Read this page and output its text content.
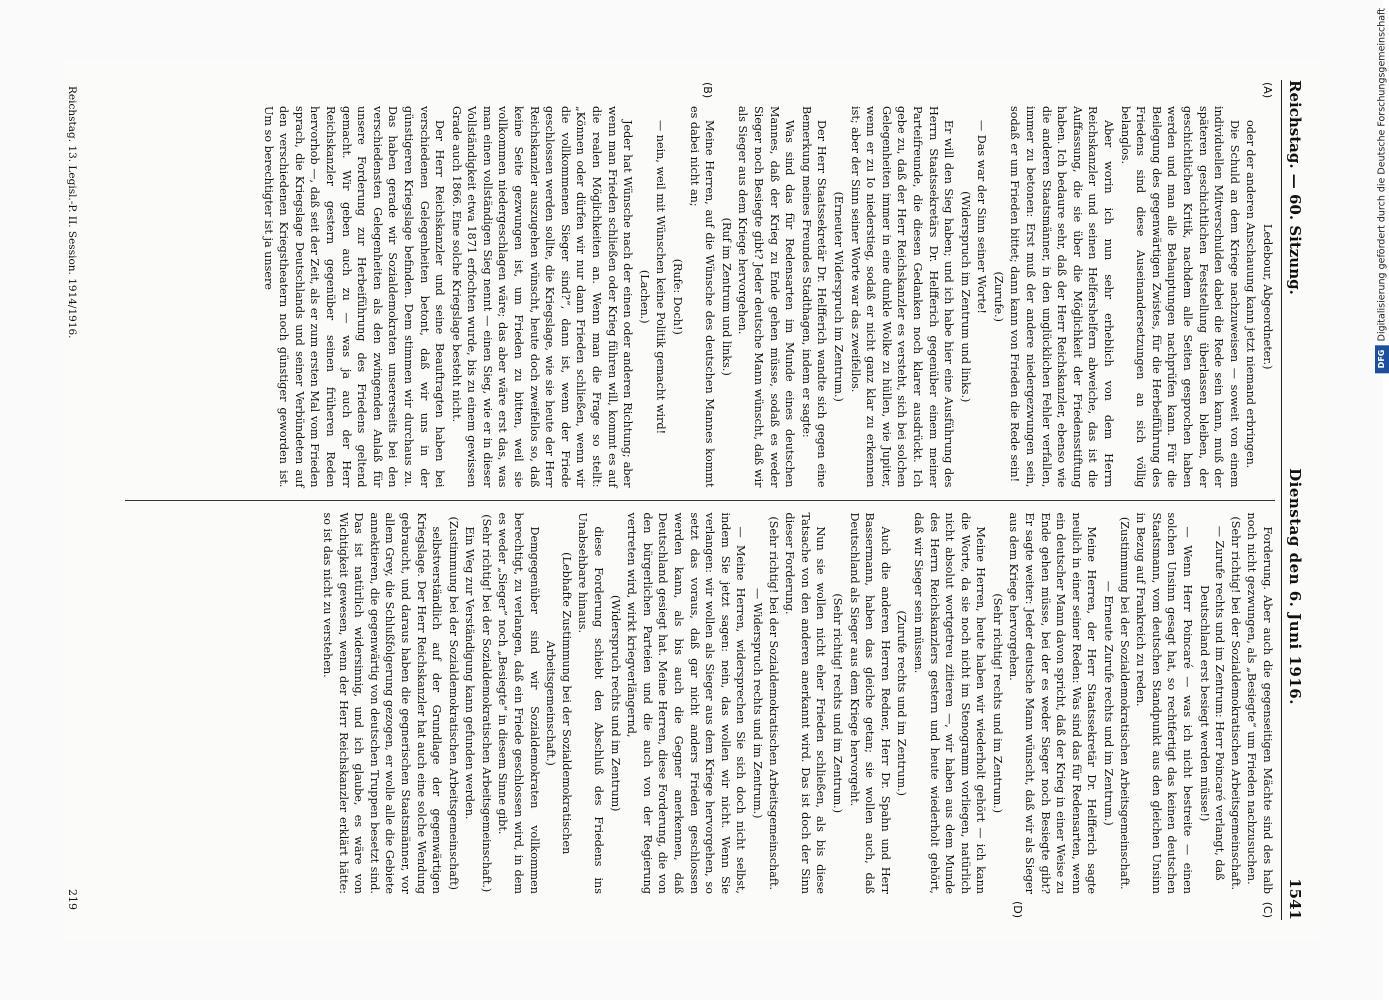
Reichstag. — 60. Sitzung.
Dienstag den 6. Juni 1916.
1541
(A)
(B)

Ledebour, Abgeordneter.)

oder der anderen Anschauung kann jetzt niemand erbringen.

Die Schuld an dem Kriege nachzuweisen — soweit von einem individuellen Mitverschulden dabei die Rede sein kann, muß der späteren geschichtlichen Feststellung überlassen bleiben, der geschichtlichen Kritik, nachdem alle Seiten gesprochen haben werden und man alle Behauptungen nachprüfen kann. Für die Beilegung des gegenwärtigen Zwistes, für die Herbeiführung des Friedens sind diese Auseinandersetzungen an sich völlig belanglos.

Aber worin ich nun sehr erheblich von dem Herrn Reichskanzler und seinen Helfershelfern abweiche, das ist die Auffassung, die sie über die Möglichkeit der Friedensstiftung haben. Ich bedaure sehr, daß der Herr Reichskanzler, ebenso wie die anderen Staatsmänner, in den unglücklichen Fehler verfallen, immer zu betonen: Erst muß der andere niedergezwungen sein, sodaß er um Frieden bittet; dann kann von Frieden die Rede sein!

(Zurufe.)

— Das war der Sinn seiner Worte!

(Widerspruch im Zentrum und links.)

Er will den Sieg haben; und ich habe hier eine Ausführung des Herrn Staatssekretärs Dr. Helfferich gegenüber einem meiner Parteifreunde, die diesen Gedanken noch klarer ausdrückt. Ich gebe zu, daß der Herr Reichskanzler es versteht, sich bei solchen Gelegenheiten immer in eine dunkle Wolke zu hüllen, wie Jupiter, wenn er zu Io niederstieg, sodaß er nicht ganz klar zu erkennen ist; aber der Sinn seiner Worte war das zweifellos.

(Erneuter Widerspruch im Zentrum.)

Der Herr Staatssekretär Dr. Helfferich wandte sich gegen eine Bemerkung meines Freundes Stadthagen, indem er sagte:

Was sind das für Redensarten im Munde eines deutschen Mannes, daß der Krieg zu Ende gehen müsse, sodaß es weder Sieger noch Besiegte gibt? Jeder deutsche Mann wünscht, daß wir als Sieger aus dem Kriege hervorgehen.

(Ruf im Zentrum und links.)

Meine Herren, auf die Wünsche des deutschen Mannes kommt es dabei nicht an;

(Rufe: Doch!)

— nein, weil mit Wünschen keine Politik gemacht wird!

(Lachen.)

Jeder hat Wünsche nach der einen oder anderen Richtung; aber wenn man Frieden schließen oder Krieg führen will, kommt es auf die realen Möglichkeiten an. Wenn man die Frage so stellt: „Können oder dürfen wir nur dann Frieden schließen, wenn wir die vollkommenen Sieger sind?“, dann ist, wenn der Friede geschlossen werden sollte, die Kriegslage, wie sie heute der Herr Reichskanzler auszugehen wünscht, heute doch zweifellos so, daß keine Seite gezwungen ist, um Frieden zu bitten, weil sie vollkommen niedergeschlagen wäre; das aber wäre erst das, was man einen vollständigen Sieg nennt — einen Sieg, wie er in dieser Vollständigkeit etwa 1871 erfochten wurde, bis zu einem gewissen Grade auch 1866. Eine solche Kriegslage besteht nicht.

Der Herr Reichskanzler und seine Beauftragten haben bei verschiedenen Gelegenheiten betont, daß wir uns in der günstigeren Kriegslage befinden. Dem stimmen wir durchaus zu. Das haben gerade wir Sozialdemokraten unsererseits bei den verschiedensten Gelegenheiten als den zwingenden Anlaß für unsere Forderung zur Herbeiführung des Friedens geltend gemacht. Wir geben auch zu — was ja auch der Herr Reichskanzler gestern gegenüber seinen früheren Reden hervorhob —, daß seit der Zeit, als er zum ersten Mal vom Frieden sprach, die Kriegslage Deutschlands und seiner Verbündeten auf den verschiedenen Kriegstheatern noch günstiger geworden ist. Um so berechtigter ist ja unsere

(C)
(D)

Forderung. Aber auch die gegenseitigen Mächte sind des halb noch nicht gezwungen, als „Besiegte“ um Frieden nachzusuchen.

(Sehr richtig! bei der Sozialdemokratischen Arbeitsgemeinschaft. — Zurufe rechts und im Zentrum: Herr Poincaré verlangt, daß Deutschland erst besiegt werden müsse!)

— Wenn Herr Poincaré — was ich nicht bestreite — einen solchen Unsinn gesagt hat, so rechtfertigt das keinen deutschen Staatsmann, vom deutschen Standpunkt aus den gleichen Unsinn in Bezug auf Frankreich zu reden.

(Zustimmung bei der Sozialdemokratischen Arbeitsgemeinschaft. — Erneute Zurufe rechts und im Zentrum.)

Meine Herren, der Herr Staatssekretär Dr. Helfferich sagte neulich in einer seiner Reden: Was sind das für Redensarten, wenn ein deutscher Mann davon spricht, daß der Krieg in einer Weise zu Ende gehen müsse, bei der es weder Sieger noch Besiegte gibt? Er sagte weiter: Jeder deutsche Mann wünscht, daß wir als Sieger aus dem Kriege hervorgehen.

(Sehr richtig! rechts und im Zentrum.)

Meine Herren, heute haben wir wiederholt gehört — ich kann die Worte, da sie noch nicht im Stenogramm vorliegen, natürlich nicht absolut wortgetreu zitieren —, wir haben aus dem Munde des Herrn Reichskanzlers gestern und heute wiederholt gehört, daß wir Sieger sein müssen.

(Zurufe rechts und im Zentrum.)

Auch die anderen Herren Redner, Herr Dr. Spahn und Herr Bassermann, haben das gleiche getan; sie wollen auch, daß Deutschland als Sieger aus dem Kriege hervorgeht.

(Sehr richtig! rechts und im Zentrum.)

Nun sie wollen nicht eher Frieden schließen, als bis diese Tatsache von den anderen anerkannt wird. Das ist doch der Sinn dieser Forderung.

(Sehr richtig! bei der Sozialdemokratischen Arbeitsgemeinschaft. — Widerspruch rechts und im Zentrum.)

— Meine Herren, widersprechen Sie sich doch nicht selbst, indem Sie jetzt sagen: nein, das wollen wir nicht. Wenn Sie verlangen: wir wollen als Sieger aus dem Kriege hervorgehen, so setzt das voraus, daß gar nicht anders Frieden geschlossen werden kann, als bis auch die Gegner anerkennen, daß Deutschland gesiegt hat. Meine Herren, diese Forderung, die von den bürgerlichen Parteien und die auch von der Regierung vertreten wird, wirkt kriegverlängernd,

(Widerspruch rechts und im Zentrum)

diese Forderung schiebt den Abschluß des Friedens ins Unabsehbare hinaus.

(Lebhafte Zustimmung bei der Sozialdemokratischen Arbeitsgemeinschaft.)

Demgegenüber sind wir Sozialdemokraten vollkommen berechtigt, zu verlangen, daß ein Friede geschlossen wird, in dem es weder „Sieger“ noch „Besiegte“ in diesem Sinne gibt.

(Sehr richtig! bei der Sozialdemokratischen Arbeitsgemeinschaft.)

Ein Weg zur Verständigung kann gefunden werden.

(Zustimmung bei der Sozialdemokratischen Arbeitsgemeinschaft)

selbstverständlich auf der Grundlage der gegenwärtigen Kriegslage. Der Herr Reichskanzler hat auch eine solche Wendung gebraucht, und daraus haben die gegnerischen Staatsmänner, vor allem Grey, die Schlußfolgerung gezogen, er wolle alle die Gebiete annektieren, die gegenwärtig von deutschen Truppen besetzt sind. Das ist natürlich widersinnig, und ich glaube, es wäre von Wichtigkeit gewesen, wenn der Herr Reichskanzler erklärt hätte: so ist das nicht zu verstehen.

Reichstag. 13. Legisl.-P. II. Session. 1914/1916.
219
DFG
Digitalisierung gefördert durch die Deutsche Forschungsgemeinschaft
